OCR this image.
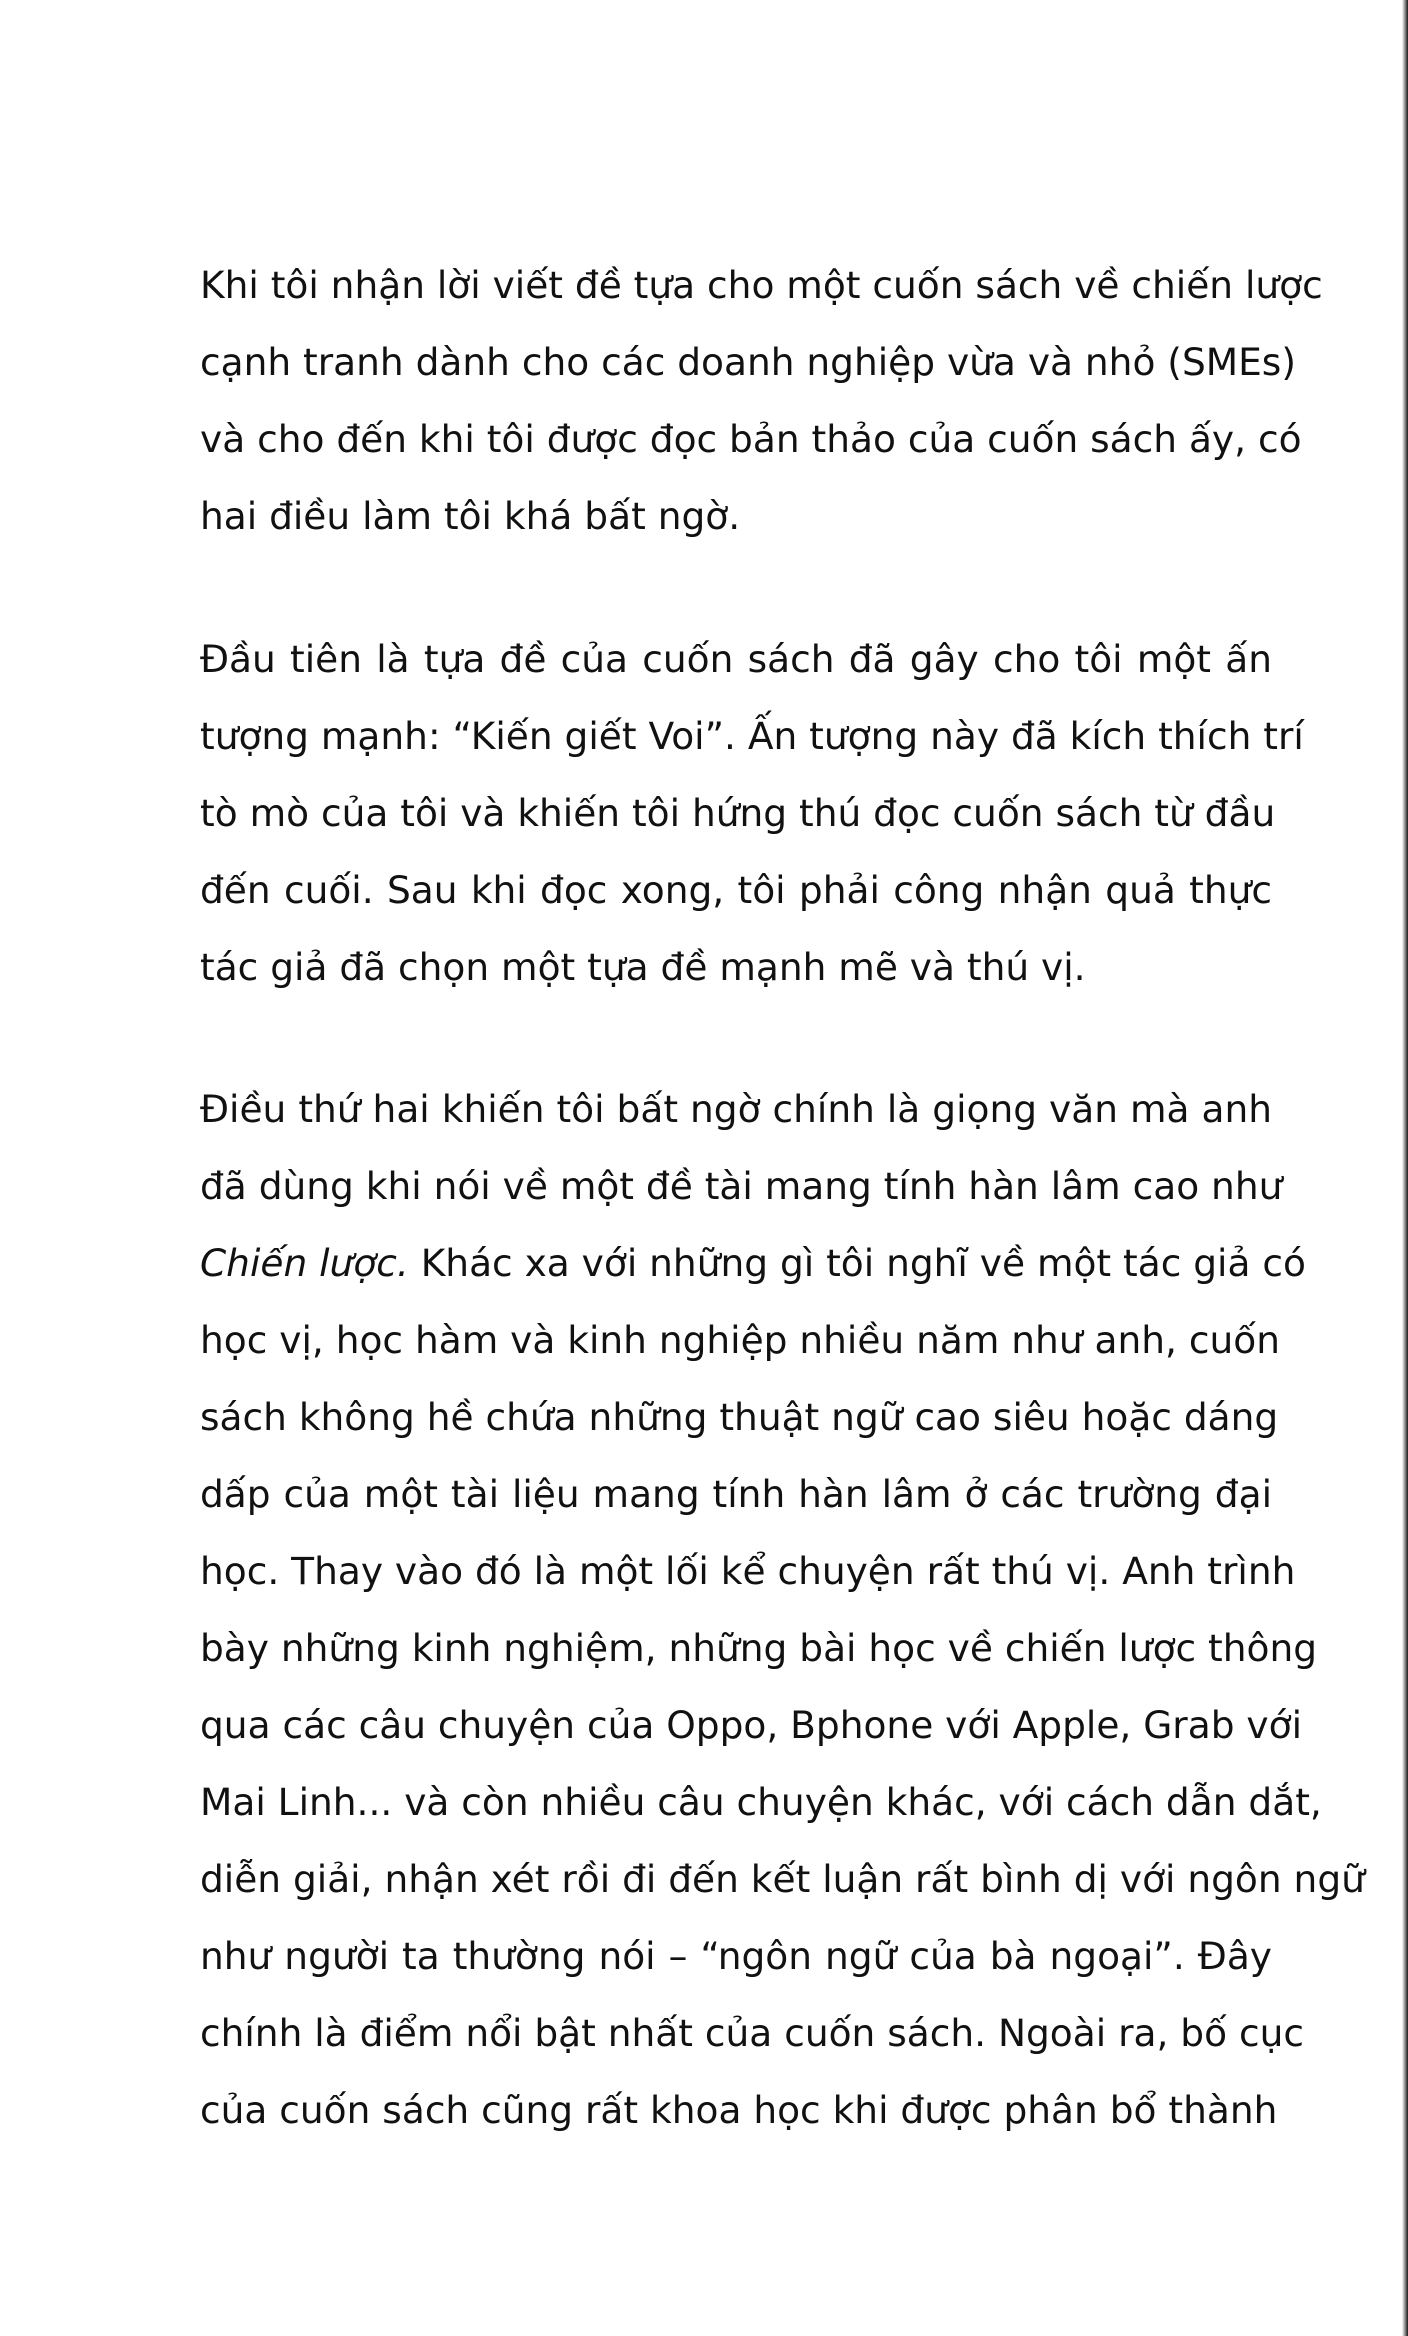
Khi tôi nhận lời viết đề tựa cho một cuốn sách về chiến lược
cạnh tranh dành cho các doanh nghiệp vừa và nhỏ (SMEs)
và cho đến khi tôi được đọc bản thảo của cuốn sách ấy, có
hai điều làm tôi khá bất ngờ.
Đầu tiên là tựa đề của cuốn sách đã gây cho tôi một ấn
tượng mạnh: “Kiến giết Voi”. Ấn tượng này đã kích thích trí
tò mò của tôi và khiến tôi hứng thú đọc cuốn sách từ đầu
đến cuối. Sau khi đọc xong, tôi phải công nhận quả thực
tác giả đã chọn một tựa đề mạnh mẽ và thú vị.
Điều thứ hai khiến tôi bất ngờ chính là giọng văn mà anh
đã dùng khi nói về một đề tài mang tính hàn lâm cao như
Chiến lược. Khác xa với những gì tôi nghĩ về một tác giả có
học vị, học hàm và kinh nghiệp nhiều năm như anh, cuốn
sách không hề chứa những thuật ngữ cao siêu hoặc dáng
dấp của một tài liệu mang tính hàn lâm ở các trường đại
học. Thay vào đó là một lối kể chuyện rất thú vị. Anh trình
bày những kinh nghiệm, những bài học về chiến lược thông
qua các câu chuyện của Oppo, Bphone với Apple, Grab với
Mai Linh... và còn nhiều câu chuyện khác, với cách dẫn dắt,
diễn giải, nhận xét rồi đi đến kết luận rất bình dị với ngôn ngữ
như người ta thường nói – “ngôn ngữ của bà ngoại”. Đây
chính là điểm nổi bật nhất của cuốn sách. Ngoài ra, bố cục
của cuốn sách cũng rất khoa học khi được phân bổ thành
